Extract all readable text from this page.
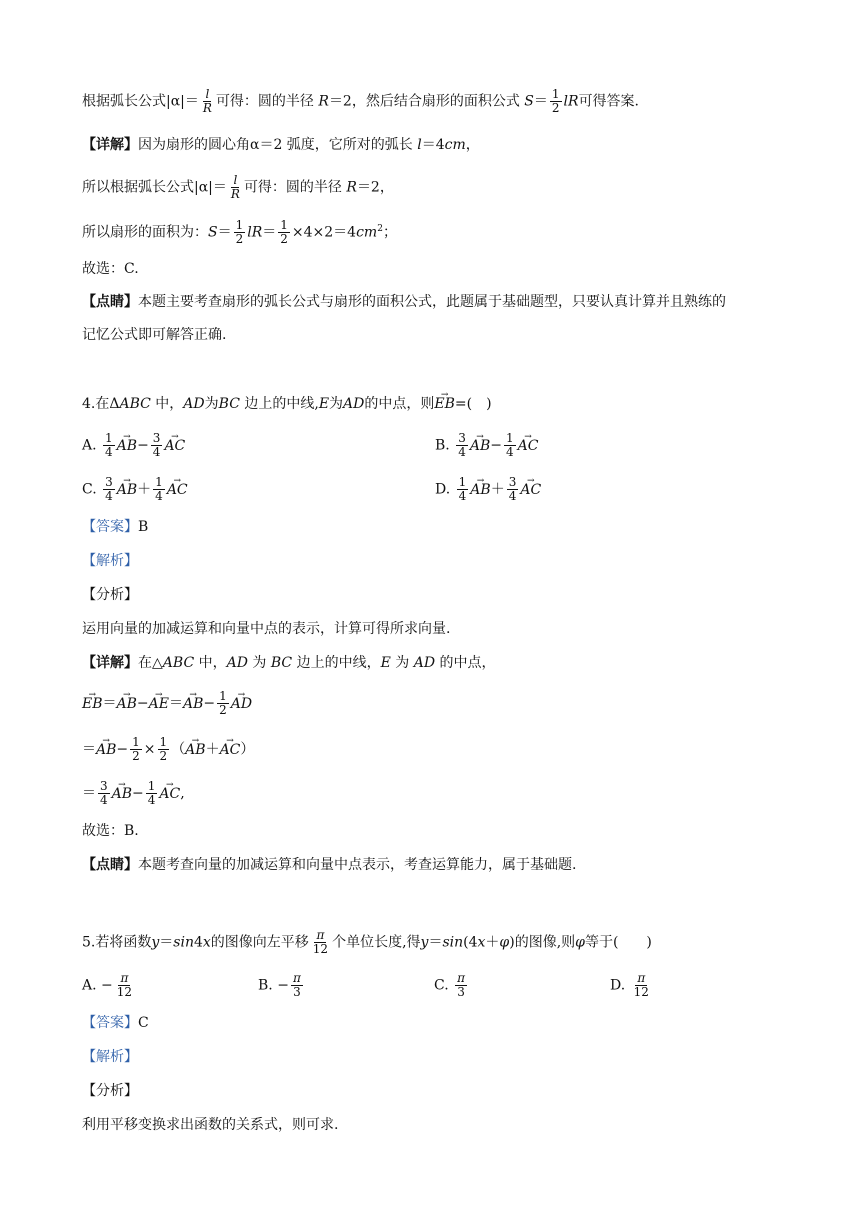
根据弧长公式$|\alpha|= \frac{l}{R}$ 可得：圆的半径 R＝2，然后结合扇形的面积公式 $S= \frac{1}{2}$ lR可得答案.
【详解】因为扇形的圆心角α＝2 弧度，它所对的弧长 l＝4cm，
所以根据弧长公式$|\alpha|= \frac{l}{R}$ 可得：圆的半径 R＝2，
所以扇形的面积为：$S= \frac{1}{2} lR= \frac{1}{2} \times 4\times 2=4cm^2$；
故选：C.
【点睛】本题主要考查扇形的弧长公式与扇形的面积公式，此题属于基础题型，只要认真计算并且熟练的
记忆公式即可解答正确.
4.在ΔABC 中，AD为BC 边上的中线,E为AD的中点，则→ EB=(　)
A. $\frac{1}{4}$
→ $AB- \frac{3}{4}$
→ AC	B. $\frac{3}{4}$
→ $AB- \frac{1}{4}$
→ AC
C. $\frac{3}{4}$
→ $AB+ \frac{1}{4}$
→ AC	D. $\frac{1}{4}$
→ $AB+ \frac{3}{4}$
→ AC
【答案】B
【解析】
【分析】
运用向量的加减运算和向量中点的表示，计算可得所求向量.
【详解】在△ABC 中，AD 为 BC 边上的中线，E 为 AD 的中点，
→ $EB=\to AB-\to AE=\to AB- \frac{1}{2}$
→ AD
＝→ $AB- \frac{1}{2} \times \frac{1}{2}$ （→ AB＋→ AC）
＝ $\frac{3}{4}$
→ $AB- \frac{1}{4}$
→ AC,
故选：B.
【点睛】本题考查向量的加减运算和向量中点表示，考查运算能力，属于基础题.
5.若将函数y＝sin4x的图像向左平移 $\frac{\pi}{12}$ 个单位长度,得y＝sin(4x＋φ)的图像,则φ等于(　　)
A. − $\frac{\pi}{12}$	B. − $\frac{\pi}{3}$	C. $\frac{\pi}{3}$	D. $\frac{\pi}{12}$
【答案】C
【解析】
【分析】
利用平移变换求出函数的关系式，则可求.
